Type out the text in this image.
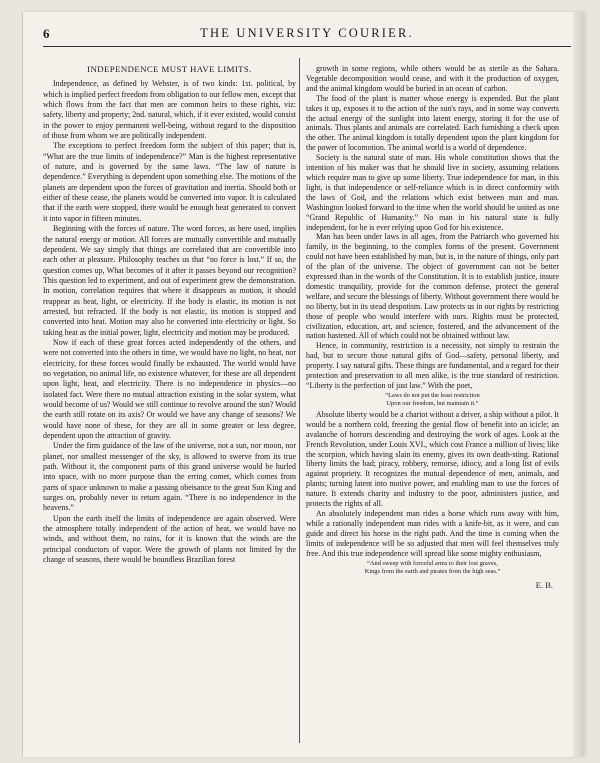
6	THE UNIVERSITY COURIER.
INDEPENDENCE MUST HAVE LIMITS.

Independence, as defined by Webster, is of two kinds: 1st. political, by which is implied perfect freedom from obligation to our fellow men, except that which flows from the fact that men are common heirs to these rights, viz: safety, liberty and property; 2nd. natural, which, if it ever existed, would consist in the power to enjoy permanent well-being, without regard to the disposition of those from whom we are politically independent.

The exceptions to perfect freedom form the subject of this paper; that is, “What are the true limits of independence?” Man is the highest representative of nature, and is governed by the same laws. “The law of nature is dependence.” Everything is dependent upon something else. The motions of the planets are dependent upon the forces of gravitation and inertia. Should both or either of these cease, the planets would be converted into vapor. It is calculated that if the earth were stopped, there would be enough heat generated to convert it into vapor in fifteen minutes.

Beginning with the forces of nature. The word forces, as here used, implies the natural energy or motion. All forces are mutually convertible and mutually dependent. We say simply that things are correlated that are convertible into each other at pleasure. Philosophy teaches us that “no force is lost.” If so, the question comes up, What becomes of it after it passes beyond our recognition? This question led to experiment, and out of experiment grew the demonstration. In motion, correlation requires that where it disappears as motion, it should reappear as heat, light, or electricity. If the body is elastic, its motion is not arrested, but refracted. If the body is not elastic, its motion is stopped and converted into heat. Motion may also be converted into electricity or light. So taking heat as the initial power, light, electricity and motion may be produced.

Now if each of these great forces acted independently of the others, and were not converted into the others in time, we would have no light, no heat, nor electricity, for these forces would finally be exhausted. The world would have no vegetation, no animal life, no existence whatever, for these are all dependent upon light, heat, and electricity. There is no independence in physics—no isolated fact. Were there no mutual attraction existing in the solar system, what would become of us? Would we still continue to revolve around the sun? Would the earth still rotate on its axis? Or would we have any change of seasons? We would have none of these, for they are all in some greater or less degree, dependent upon the attraction of gravity.

Under the firm guidance of the law of the universe, not a sun, nor moon, nor planet, nor smallest messenger of the sky, is allowed to swerve from its true path. Without it, the component parts of this grand universe would be hurled into space, with no more purpose than the erring comet, which comes from parts of space unknown to make a passing obeisance to the great Sun King and surges on, probably never to return again. “There is no independence in the heavens.”

Upon the earth itself the limits of independence are again observed. Were the atmosphere totally independent of the action of heat, we would have no winds, and without them, no rains, for it is known that the winds are the principal conductors of vapor. Were the growth of plants not limited by the change of seasons, there would be boundless Brazilian forest

growth in some regions, while others would be as sterile as the Sahara. Vegetable decomposition would cease, and with it the production of oxygen, and the animal kingdom would be buried in an ocean of carbon.

The food of the plant is matter whose energy is expended. But the plant takes it up, exposes it to the action of the sun's rays, and in some way converts the actual energy of the sunlight into latent energy, storing it for the use of animals. Thus plants and animals are correlated. Each furnishing a check upon the other. The animal kingdom is totally dependent upon the plant kingdom for the power of locomotion. The animal world is a world of dependence.

Society is the natural state of man. His whole constitution shows that the intention of his maker was that he should live in society, assuming relations which require man to give up some liberty. True independence for man, in this light, is that independence or self-reliance which is in direct conformity with the laws of God, and the relations which exist between man and man. Washington looked forward to the time when the world should be united as one “Grand Republic of Humanity.” No man in his natural state is fully independent, for he is ever relying upon God for his existence.

Man has been under laws in all ages, from the Patriarch who governed his family, in the beginning, to the complex forms of the present. Government could not have been established by man, but is, in the nature of things, only part of the plan of the universe. The object of government can not be better expressed than in the words of the Constitution. It is to establish justice, insure domestic tranquility, provide for the common defense, protect the general welfare, and secure the blessings of liberty. Without government there would be no liberty, but in its stead despotism. Law protects us in our rights by restricting those of people who would interfere with ours. Rights must be protected, civilization, education, art, and science, fostered, and the advancement of the nation hastened. All of which could not be obtained without law.

Hence, in community, restriction is a necessity, not simply to restrain the bad, but to secure those natural gifts of God—safety, personal liberty, and property. I say natural gifts. These things are fundamental, and a regard for their protection and preservation to all men alike, is the true standard of restriction. “Liberty is the perfection of just law.” With the poet,

“Laws do not put the least restriction

Upon our freedom, but maintain it.”

Absolute liberty would be a chariot without a driver, a ship without a pilot. It would be a northern cold, freezing the genial flow of benefit into an icicle; an avalanche of horrors descending and destroying the work of ages. Look at the French Revolution, under Louis XVI., which cost France a million of lives; like the scorpion, which having slain its enemy, gives its own death-sting. Rational liberty limits the bad; piracy, robbery, remorse, idiocy, and a long list of evils against propriety. It recognizes the mutual dependence of men, animals, and plants; turning latent into motive power, and enabling man to use the forces of nature. It extends charity and industry to the poor, administers justice, and protects the rights of all.

An absolutely independent man rides a horse which runs away with him, while a rationally independent man rides with a knife-bit, as it were, and can guide and direct his horse in the right path. And the time is coming when the limits of independence will be so adjusted that men will feel themselves truly free. And this true independence will spread like some mighty enthusiasm,

“And sweep with forceful arms to their lost graves,

Kings from the earth and pirates from the high seas.”

E. B.
